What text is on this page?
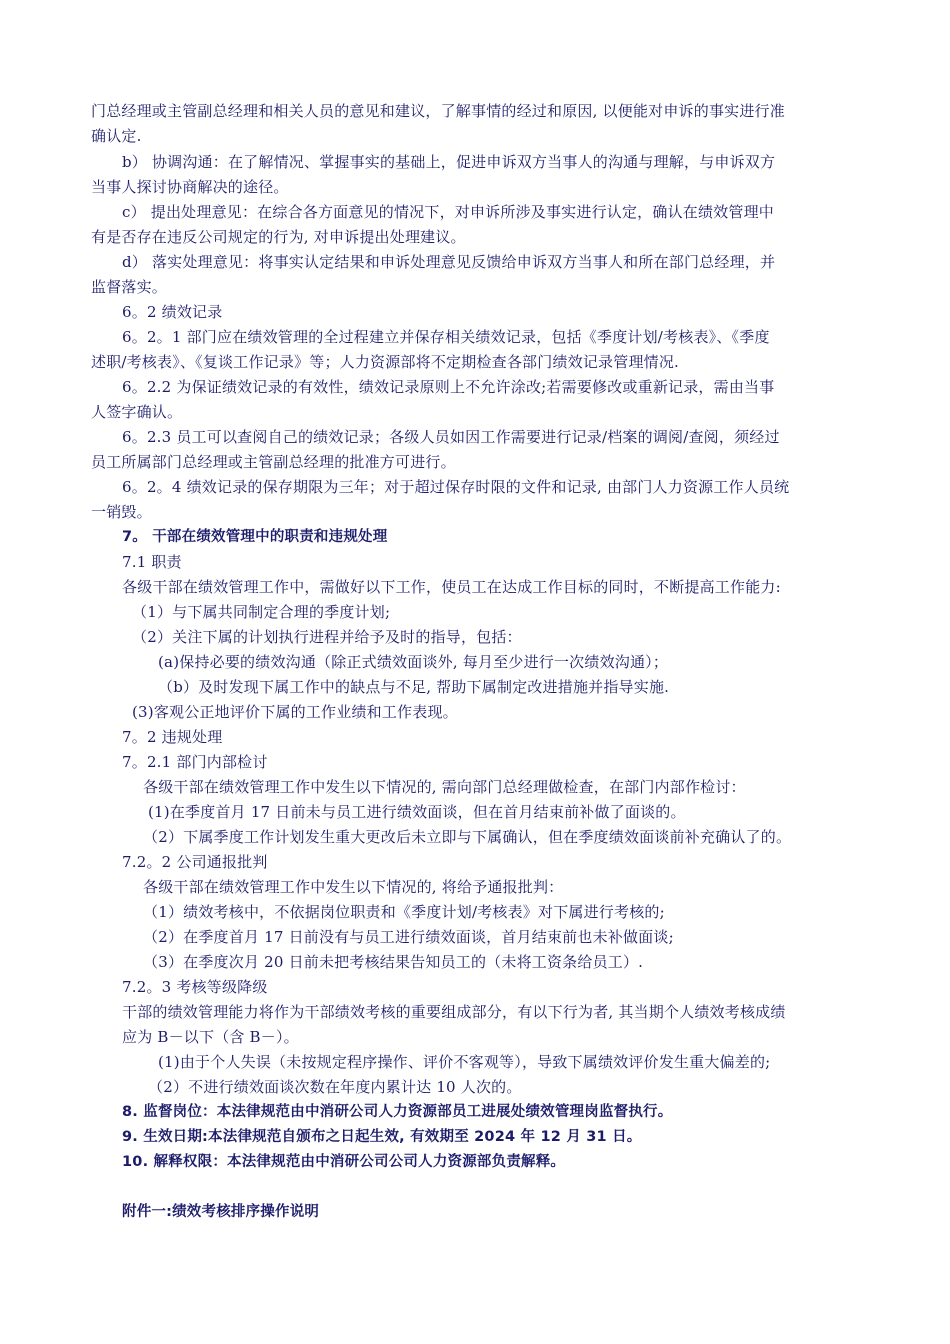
门总经理或主管副总经理和相关人员的意见和建议，了解事情的经过和原因, 以便能对申诉的事实进行准
确认定.
b） 协调沟通：在了解情况、掌握事实的基础上，促进申诉双方当事人的沟通与理解，与申诉双方
当事人探讨协商解决的途径。
c） 提出处理意见：在综合各方面意见的情况下，对申诉所涉及事实进行认定，确认在绩效管理中
有是否存在违反公司规定的行为, 对申诉提出处理建议。
d） 落实处理意见：将事实认定结果和申诉处理意见反馈给申诉双方当事人和所在部门总经理，并
监督落实。
6。2 绩效记录
6。2。1 部门应在绩效管理的全过程建立并保存相关绩效记录，包括《季度计划/考核表》、《季度
述职/考核表》、《复谈工作记录》等；人力资源部将不定期检查各部门绩效记录管理情况.
6。2.2 为保证绩效记录的有效性，绩效记录原则上不允许涂改;若需要修改或重新记录，需由当事
人签字确认。
6。2.3 员工可以查阅自己的绩效记录；各级人员如因工作需要进行记录/档案的调阅/查阅，须经过
员工所属部门总经理或主管副总经理的批准方可进行。
6。2。4 绩效记录的保存期限为三年；对于超过保存时限的文件和记录, 由部门人力资源工作人员统
一销毁。
7。 干部在绩效管理中的职责和违规处理
7.1 职责
各级干部在绩效管理工作中，需做好以下工作，使员工在达成工作目标的同时，不断提高工作能力:
（1）与下属共同制定合理的季度计划;
（2）关注下属的计划执行进程并给予及时的指导，包括：
(a)保持必要的绩效沟通（除正式绩效面谈外, 每月至少进行一次绩效沟通）；
（b）及时发现下属工作中的缺点与不足, 帮助下属制定改进措施并指导实施.
(3)客观公正地评价下属的工作业绩和工作表现。
7。2 违规处理
7。2.1 部门内部检讨
各级干部在绩效管理工作中发生以下情况的, 需向部门总经理做检查，在部门内部作检讨：
(1)在季度首月 17 日前未与员工进行绩效面谈，但在首月结束前补做了面谈的。
（2）下属季度工作计划发生重大更改后未立即与下属确认，但在季度绩效面谈前补充确认了的。
7.2。2 公司通报批判
各级干部在绩效管理工作中发生以下情况的, 将给予通报批判：
（1）绩效考核中，不依据岗位职责和《季度计划/考核表》对下属进行考核的;
（2）在季度首月 17 日前没有与员工进行绩效面谈，首月结束前也未补做面谈;
（3）在季度次月 20 日前未把考核结果告知员工的（未将工资条给员工）.
7.2。3 考核等级降级
干部的绩效管理能力将作为干部绩效考核的重要组成部分，有以下行为者, 其当期个人绩效考核成绩
应为 B－以下（含 B－）。
(1)由于个人失误（未按规定程序操作、评价不客观等），导致下属绩效评价发生重大偏差的;
（2）不进行绩效面谈次数在年度内累计达 10 人次的。
8. 监督岗位：本法律规范由中消研公司人力资源部员工进展处绩效管理岗监督执行。
9. 生效日期:本法律规范自颁布之日起生效, 有效期至 2024 年 12 月 31 日。
10. 解释权限：本法律规范由中消研公司公司人力资源部负责解释。
附件一:绩效考核排序操作说明
